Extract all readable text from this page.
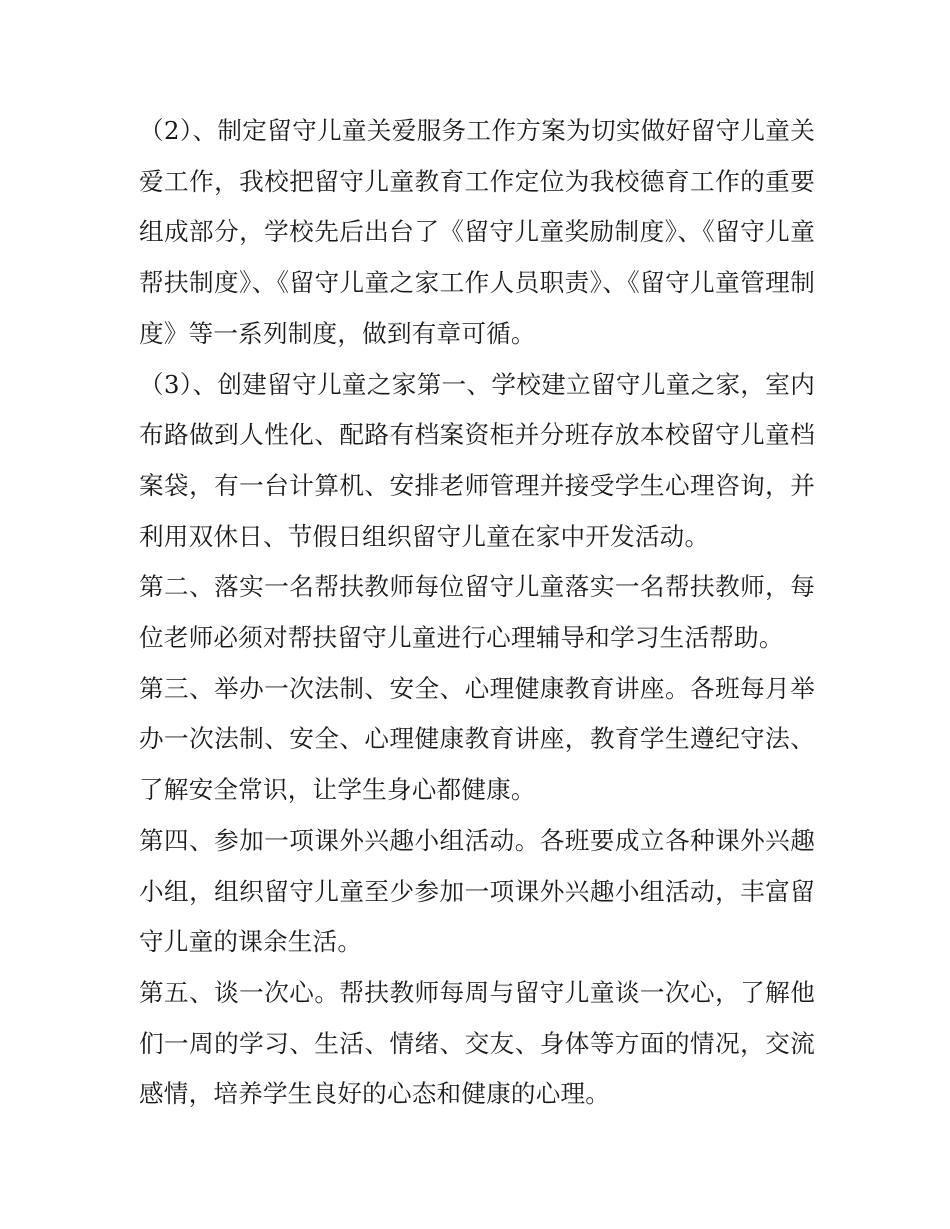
（2）、制定留守儿童关爱服务工作方案为切实做好留守儿童关爱工作，我校把留守儿童教育工作定位为我校德育工作的重要组成部分，学校先后出台了《留守儿童奖励制度》、《留守儿童帮扶制度》、《留守儿童之家工作人员职责》、《留守儿童管理制度》等一系列制度，做到有章可循。

（3）、创建留守儿童之家第一、学校建立留守儿童之家，室内布路做到人性化、配路有档案资柜并分班存放本校留守儿童档案袋，有一台计算机、安排老师管理并接受学生心理咨询，并利用双休日、节假日组织留守儿童在家中开发活动。

第二、落实一名帮扶教师每位留守儿童落实一名帮扶教师，每位老师必须对帮扶留守儿童进行心理辅导和学习生活帮助。

第三、举办一次法制、安全、心理健康教育讲座。各班每月举办一次法制、安全、心理健康教育讲座，教育学生遵纪守法、了解安全常识，让学生身心都健康。

第四、参加一项课外兴趣小组活动。各班要成立各种课外兴趣小组，组织留守儿童至少参加一项课外兴趣小组活动，丰富留守儿童的课余生活。

第五、谈一次心。帮扶教师每周与留守儿童谈一次心，了解他们一周的学习、生活、情绪、交友、身体等方面的情况，交流感情，培养学生良好的心态和健康的心理。
